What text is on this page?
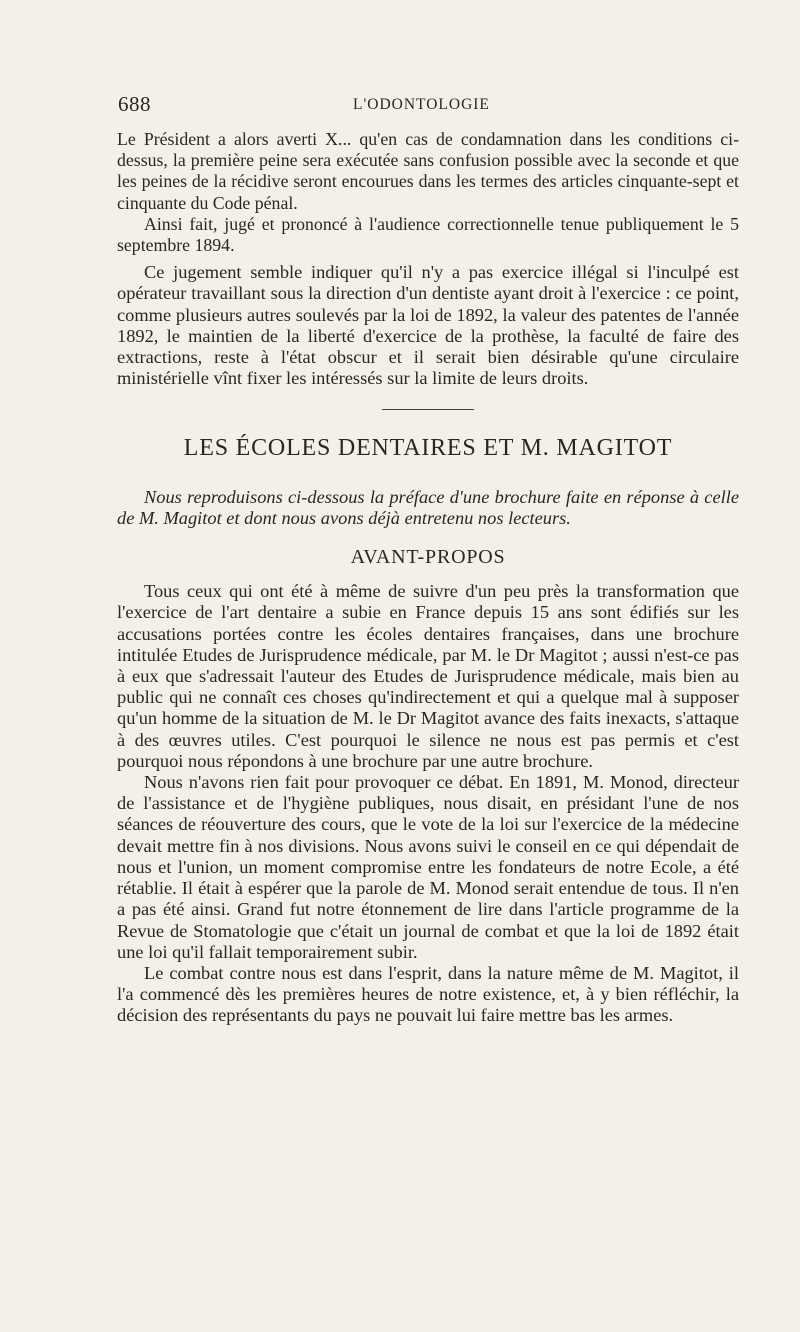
688	L'ODONTOLOGIE

Le Président a alors averti X... qu'en cas de condamnation dans les conditions ci-dessus, la première peine sera exécutée sans confusion possible avec la seconde et que les peines de la récidive seront encourues dans les termes des articles cinquante-sept et cinquante du Code pénal.

Ainsi fait, jugé et prononcé à l'audience correctionnelle tenue publiquement le 5 septembre 1894.

Ce jugement semble indiquer qu'il n'y a pas exercice illégal si l'inculpé est opérateur travaillant sous la direction d'un dentiste ayant droit à l'exercice : ce point, comme plusieurs autres soulevés par la loi de 1892, la valeur des patentes de l'année 1892, le maintien de la liberté d'exercice de la prothèse, la faculté de faire des extractions, reste à l'état obscur et il serait bien désirable qu'une circulaire ministérielle vînt fixer les intéressés sur la limite de leurs droits.

LES ÉCOLES DENTAIRES ET M. MAGITOT

Nous reproduisons ci-dessous la préface d'une brochure faite en réponse à celle de M. Magitot et dont nous avons déjà entretenu nos lecteurs.

AVANT-PROPOS

Tous ceux qui ont été à même de suivre d'un peu près la transformation que l'exercice de l'art dentaire a subie en France depuis 15 ans sont édifiés sur les accusations portées contre les écoles dentaires françaises, dans une brochure intitulée Etudes de Jurisprudence médicale, par M. le Dr Magitot ; aussi n'est-ce pas à eux que s'adressait l'auteur des Etudes de Jurisprudence médicale, mais bien au public qui ne connaît ces choses qu'indirectement et qui a quelque mal à supposer qu'un homme de la situation de M. le Dr Magitot avance des faits inexacts, s'attaque à des œuvres utiles. C'est pourquoi le silence ne nous est pas permis et c'est pourquoi nous répondons à une brochure par une autre brochure.

Nous n'avons rien fait pour provoquer ce débat. En 1891, M. Monod, directeur de l'assistance et de l'hygiène publiques, nous disait, en présidant l'une de nos séances de réouverture des cours, que le vote de la loi sur l'exercice de la médecine devait mettre fin à nos divisions. Nous avons suivi le conseil en ce qui dépendait de nous et l'union, un moment compromise entre les fondateurs de notre Ecole, a été rétablie. Il était à espérer que la parole de M. Monod serait entendue de tous. Il n'en a pas été ainsi. Grand fut notre étonnement de lire dans l'article programme de la Revue de Stomatologie que c'était un journal de combat et que la loi de 1892 était une loi qu'il fallait temporairement subir.

Le combat contre nous est dans l'esprit, dans la nature même de M. Magitot, il l'a commencé dès les premières heures de notre existence, et, à y bien réfléchir, la décision des représentants du pays ne pouvait lui faire mettre bas les armes.
